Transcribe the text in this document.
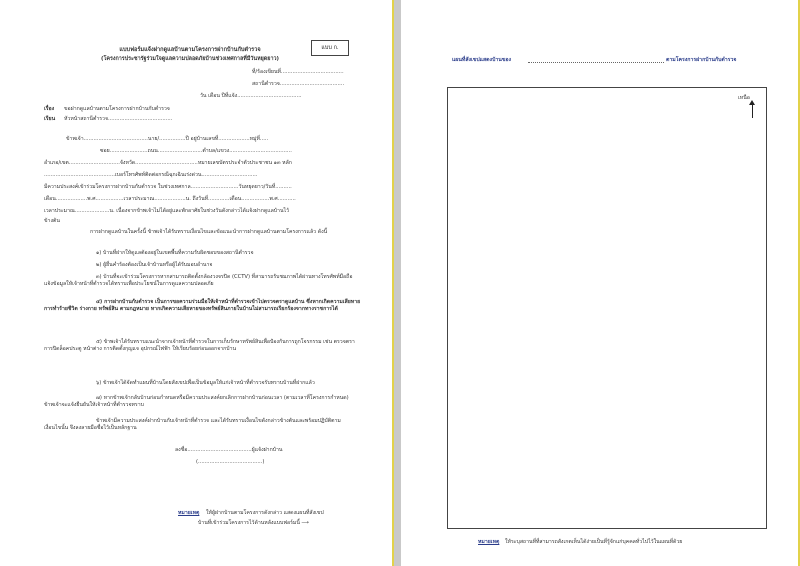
แบบ ก.
แบบฟอร์มแจ้งฝากดูแลบ้านตามโครงการฝากบ้านกับตำรวจ
(โครงการประชารัฐร่วมใจดูแลความปลอดภัยบ้านช่วงเทศกาลที่มีวันหยุดยาว)
ที่/ร้องเขียนที่......................................
สถานีตำรวจ.......................................
วัน เดือน ปีที่แจ้ง.......................................
เรื่อง ขอฝากดูแลบ้านตามโครงการฝากบ้านกับตำรวจ
เรียน หัวหน้าสถานีตำรวจ.......................................
ข้าพเจ้า.......................................นาย/................ปี อยู่บ้านเลขที่...................หมู่ที่.....
ซอย.......................ถนน...........................ตำบล/แขวง......................................
อำเภอ/เขต...............................จังหวัด......................................หมายเลขบัตรประจำตัวประชาชน ๑๓ หลัก
...........................................เบอร์โทรศัพท์ติดต่อกรณีฉุกเฉินเร่งด่วน..................................
มีความประสงค์เข้าร่วมโครงการฝากบ้านกับตำรวจ ในช่วงเทศกาล.............................วันหยุดยาว/วันที่..........
เดือน...................พ.ศ.................เวลาประมาณ...................น. ถึงวันที่.............เดือน.................พ.ศ...........
เวลาประมาณ.....................น. เนื่องจากข้าพเจ้าไม่ได้อยู่และพักอาศัยในช่วงวันดังกล่าวได้แจ้งฝากดูแลบ้านไว้
ข้างต้น
การฝากดูแลบ้านในครั้งนี้ ข้าพเจ้าได้รับทราบเงื่อนไขและข้อแนะนำการฝากดูแลบ้านตามโครงการแล้ว ดังนี้
๑) บ้านที่ฝากให้ดูแลต้องอยู่ในเขตพื้นที่ความรับผิดชอบของสถานีตำรวจ
๒) ผู้ยื่นคำร้องต้องเป็นเจ้าบ้านหรือผู้ได้รับมอบอำนาจ
๓) บ้านที่จะเข้าร่วมโครงการหากสามารถติดตั้งกล้องวงจรปิด (CCTV) ที่สามารถรับชมภาพได้ผ่านทางโทรศัพท์มือถือ แจ้งข้อมูลให้เจ้าหน้าที่ตำรวจได้ทราบเพื่อประโยชน์ในการดูแลความปลอดภัย
๔) การฝากบ้านกับตำรวจ เป็นการขอความร่วมมือให้เจ้าหน้าที่ตำรวจเข้าไปตรวจตราดูแลบ้าน ซึ่งหากเกิดความเสียหาย การทำร้ายชีวิต ร่างกาย ทรัพย์สิน ตามกฎหมาย หากเกิดความเสียหายของทรัพย์สินภายในบ้านไม่สามารถเรียกร้องจากทางราชการได้
๕) ข้าพเจ้าได้รับทราบแนะนำจากเจ้าหน้าที่ตำรวจในการเก็บรักษาทรัพย์สินเพื่อป้องกันการถูกโจรกรรม เช่น ตรวจตราการปิดล็อคประตู หน้าต่าง การติดตั้งกุญแจ อุปกรณ์ไฟฟ้า ให้เรียบร้อยก่อนออกจากบ้าน
๖) ข้าพเจ้าได้จัดทำแผนที่บ้านโดยสังเขปเพื่อเป็นข้อมูลให้แก่เจ้าหน้าที่ตำรวจรับทราบบ้านที่ฝากแล้ว
๗) หากข้าพเจ้ากลับบ้านก่อนกำหนดหรือมีความประสงค์ยกเลิกการฝากบ้านก่อนเวลา (ตามเวลาที่โครงการกำหนด) ข้าพเจ้าจะแจ้งยืนยันให้เจ้าหน้าที่ตำรวจทราบ
ข้าพเจ้ามีความประสงค์ฝากบ้านกับเจ้าหน้าที่ตำรวจ และได้รับทราบเงื่อนไขดังกล่าวข้างต้นและพร้อมปฏิบัติตามเงื่อนไขนั้น จึงลงลายมือชื่อไว้เป็นหลักฐาน
ลงชื่อ.......................................ผู้แจ้งฝากบ้าน
(.......................................)
หมายเหตุ ให้ผู้ฝากบ้านตามโครงการดังกล่าว แสดงแผนที่สังเขป
บ้านที่เข้าร่วมโครงการไว้ด้านหลังแบบฟอร์มนี้ ⟶
แผนที่สังเขปแสดงบ้านของ	ตามโครงการฝากบ้านกับตำรวจ
เหนือ
หมายเหตุ ให้ระบุสถานที่ที่สามารถสังเกตเห็นได้ง่ายเป็นที่รู้จักแก่บุคคลทั่วไปไว้ในแผนที่ด้วย
